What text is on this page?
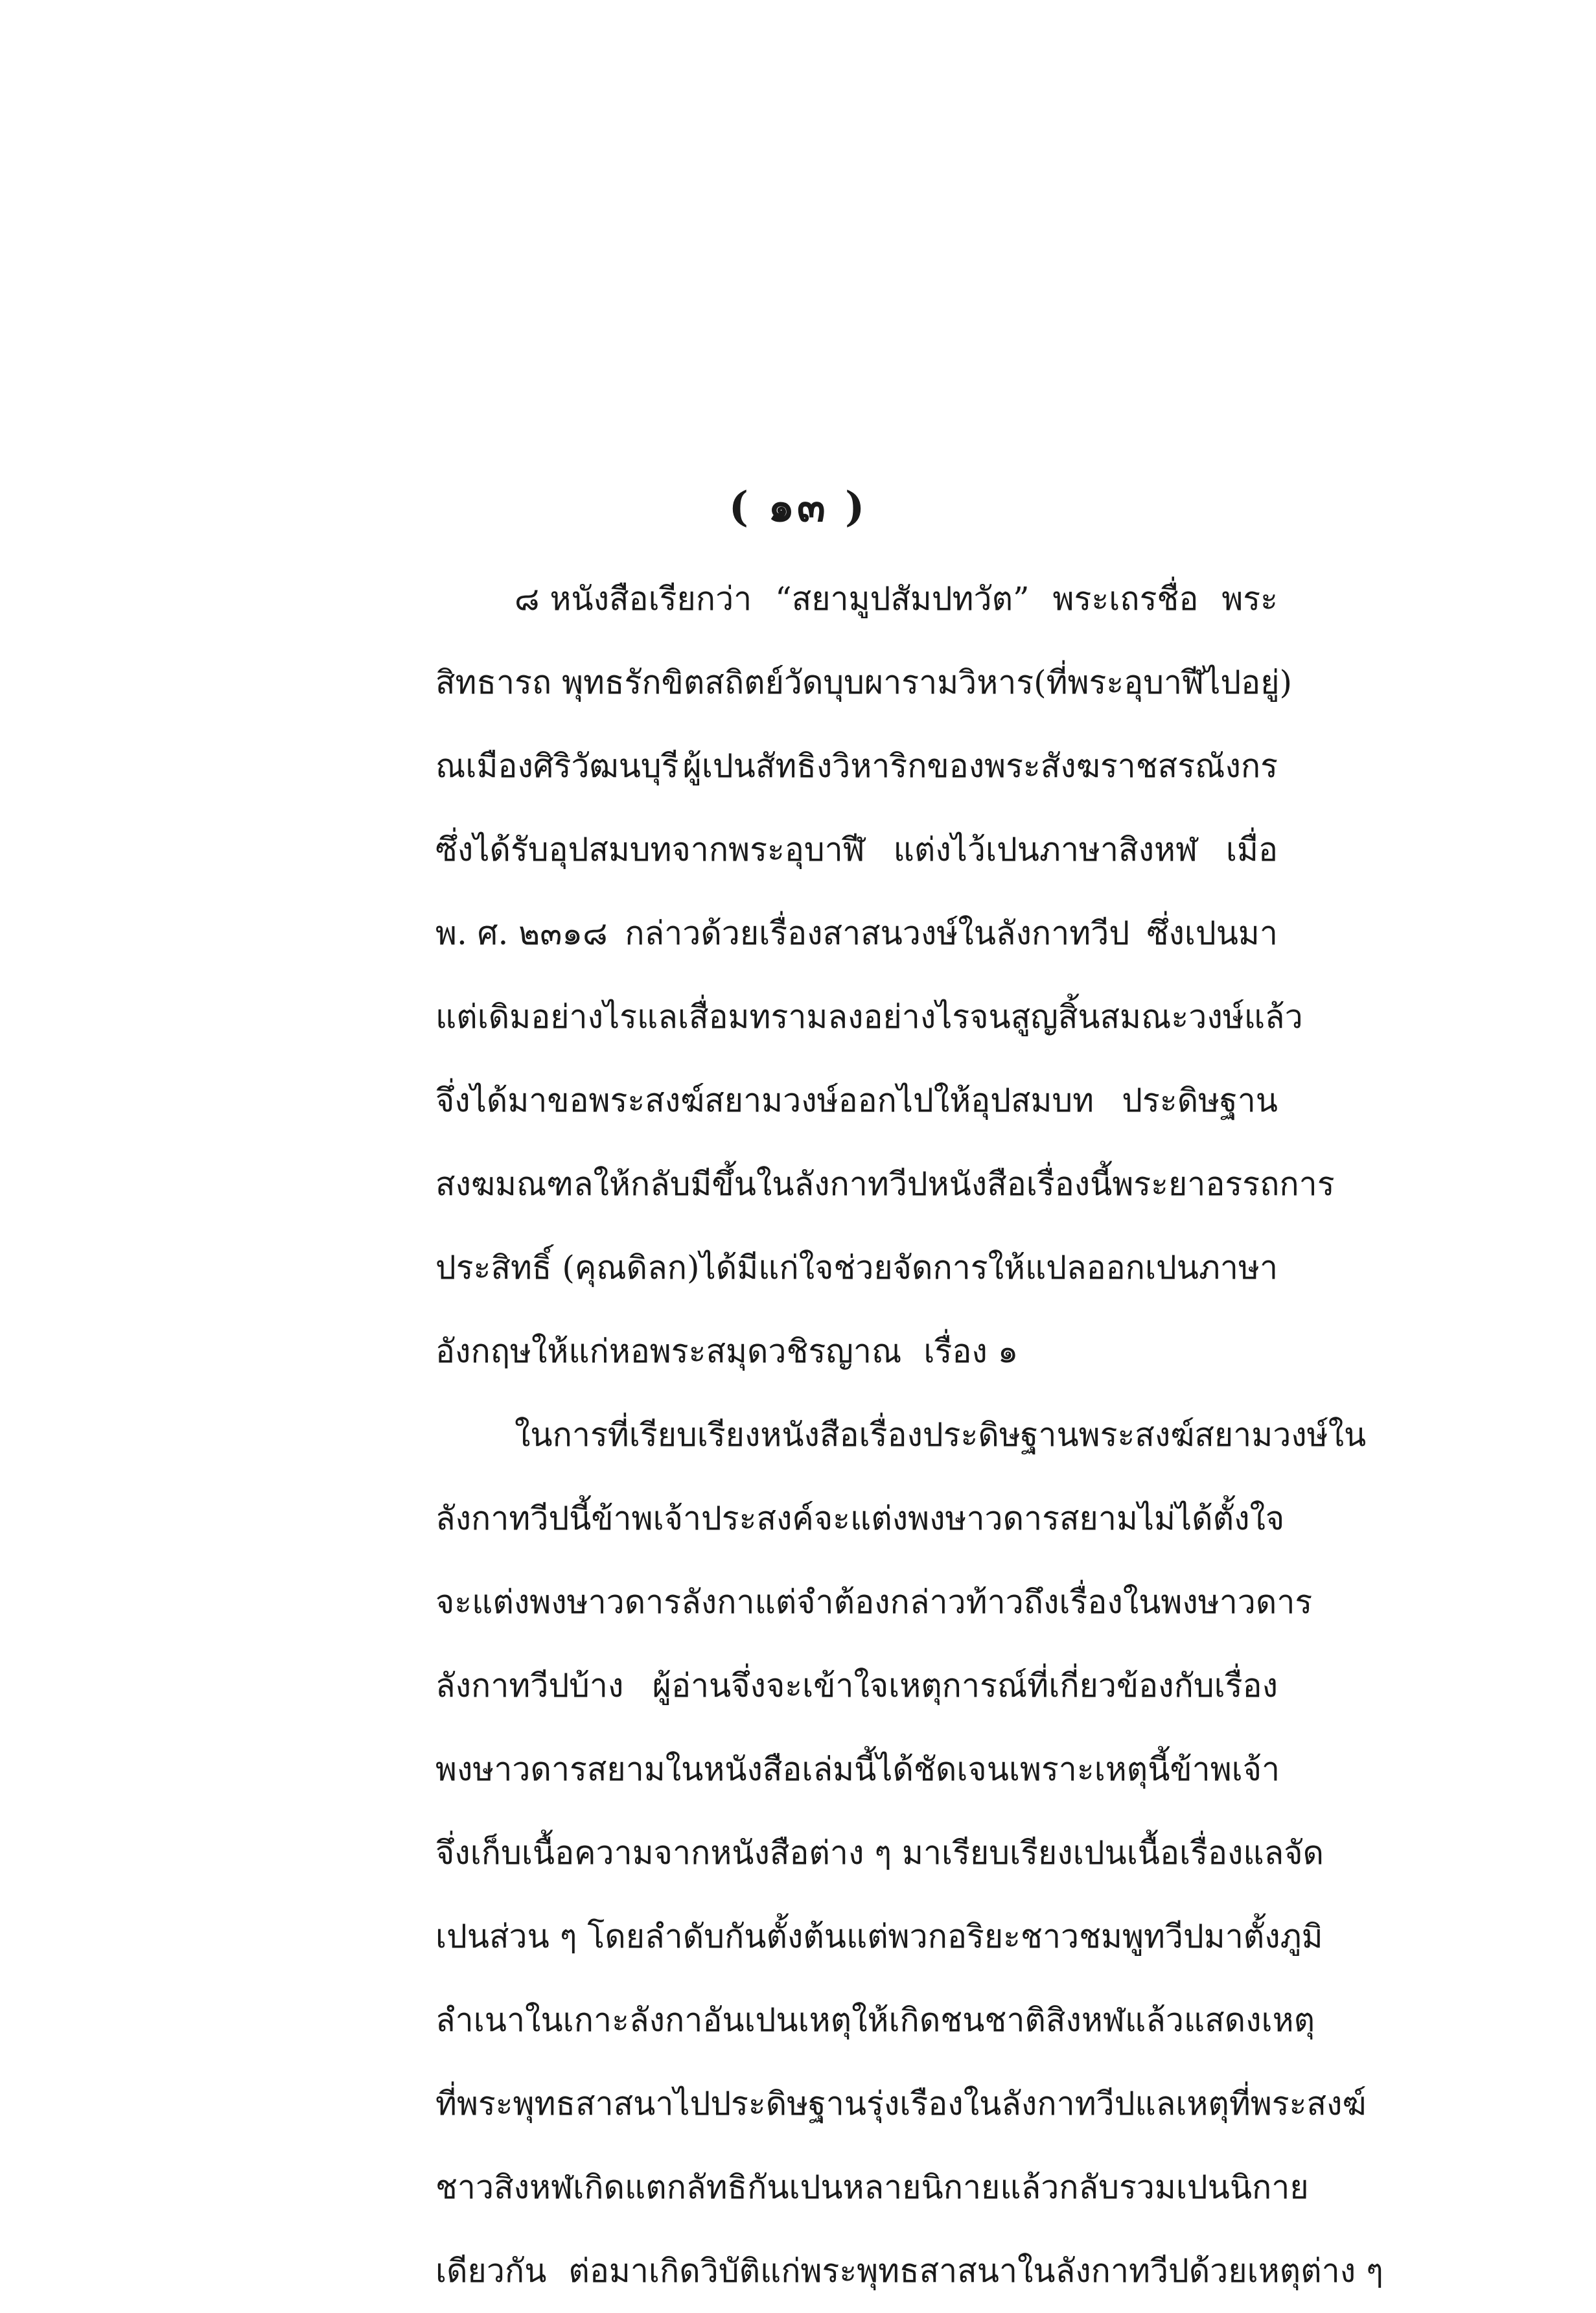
( ๑๓ )
๘ หนังสือเรียกว่า “สยามูปสัมปทวัต” พระเถรชื่อ พระ
สิทธารถ พุทธรักขิต สถิตย์วัดบุบผารามวิหาร (ที่พระอุบาฬีไปอยู่)
ณเมืองศิริวัฒนบุรี ผู้เปนสัทธิงวิหาริกของพระสังฆราชสรณังกร
ซึ่งได้รับอุปสมบทจากพระอุบาฬี แต่งไว้เปนภาษาสิงหฬ เมื่อ
พ. ศ. ๒๓๑๘ กล่าวด้วยเรื่องสาสนวงษ์ในลังกาทวีป ซึ่งเปนมา
แต่เดิมอย่างไร แลเสื่อมทรามลงอย่างไร จนสูญสิ้นสมณะวงษ์แล้ว
จึ่งได้มาขอพระสงฆ์สยามวงษ์ออกไปให้อุปสมบท ประดิษฐาน
สงฆมณฑลให้กลับมีขึ้นในลังกาทวีป หนังสือเรื่องนี้ พระยาอรรถการ
ประสิทธิ์ (คุณดิลก) ได้มีแก่ใจช่วยจัดการให้แปลออกเปนภาษา
อังกฤษให้แก่หอพระสมุดวชิรญาณ เรื่อง ๑
ในการที่เรียบเรียง หนังสือเรื่อง ประดิษฐานพระสงฆ์สยามวงษ์ใน
ลังกาทวีปนี้ ข้าพเจ้าประสงค์จะแต่งพงษาวดารสยาม ไม่ได้ตั้งใจ
จะแต่งพงษาวดารลังกา แต่จำต้องกล่าวท้าวถึงเรื่องในพงษาวดาร
ลังกาทวีปบ้าง ผู้อ่านจึ่งจะเข้าใจเหตุการณ์ที่เกี่ยวข้องกับเรื่อง
พงษาวดารสยามในหนังสือเล่มนี้ได้ชัดเจน เพราะเหตุนี้ ข้าพเจ้า
จึ่งเก็บเนื้อความจากหนังสือต่าง ๆ มาเรียบเรียงเปนเนื้อเรื่อง แลจัด
เปนส่วน ๆ โดยลำดับกัน ตั้งต้นแต่พวกอริยะชาวชมพูทวีปมาตั้งภูมิ
ลำเนาในเกาะลังกา อันเปนเหตุให้เกิดชนชาติสิงหฬ แล้วแสดงเหตุ
ที่พระพุทธสาสนาไปประดิษฐานรุ่งเรืองในลังกาทวีป แลเหตุที่พระสงฆ์
ชาวสิงหฬเกิดแตกลัทธิกันเปนหลายนิกาย แล้วกลับรวมเปนนิกาย
เดียวกัน ต่อมาเกิดวิบัติแก่พระพุทธสาสนาในลังกาทวีปด้วยเหตุต่าง ๆ
